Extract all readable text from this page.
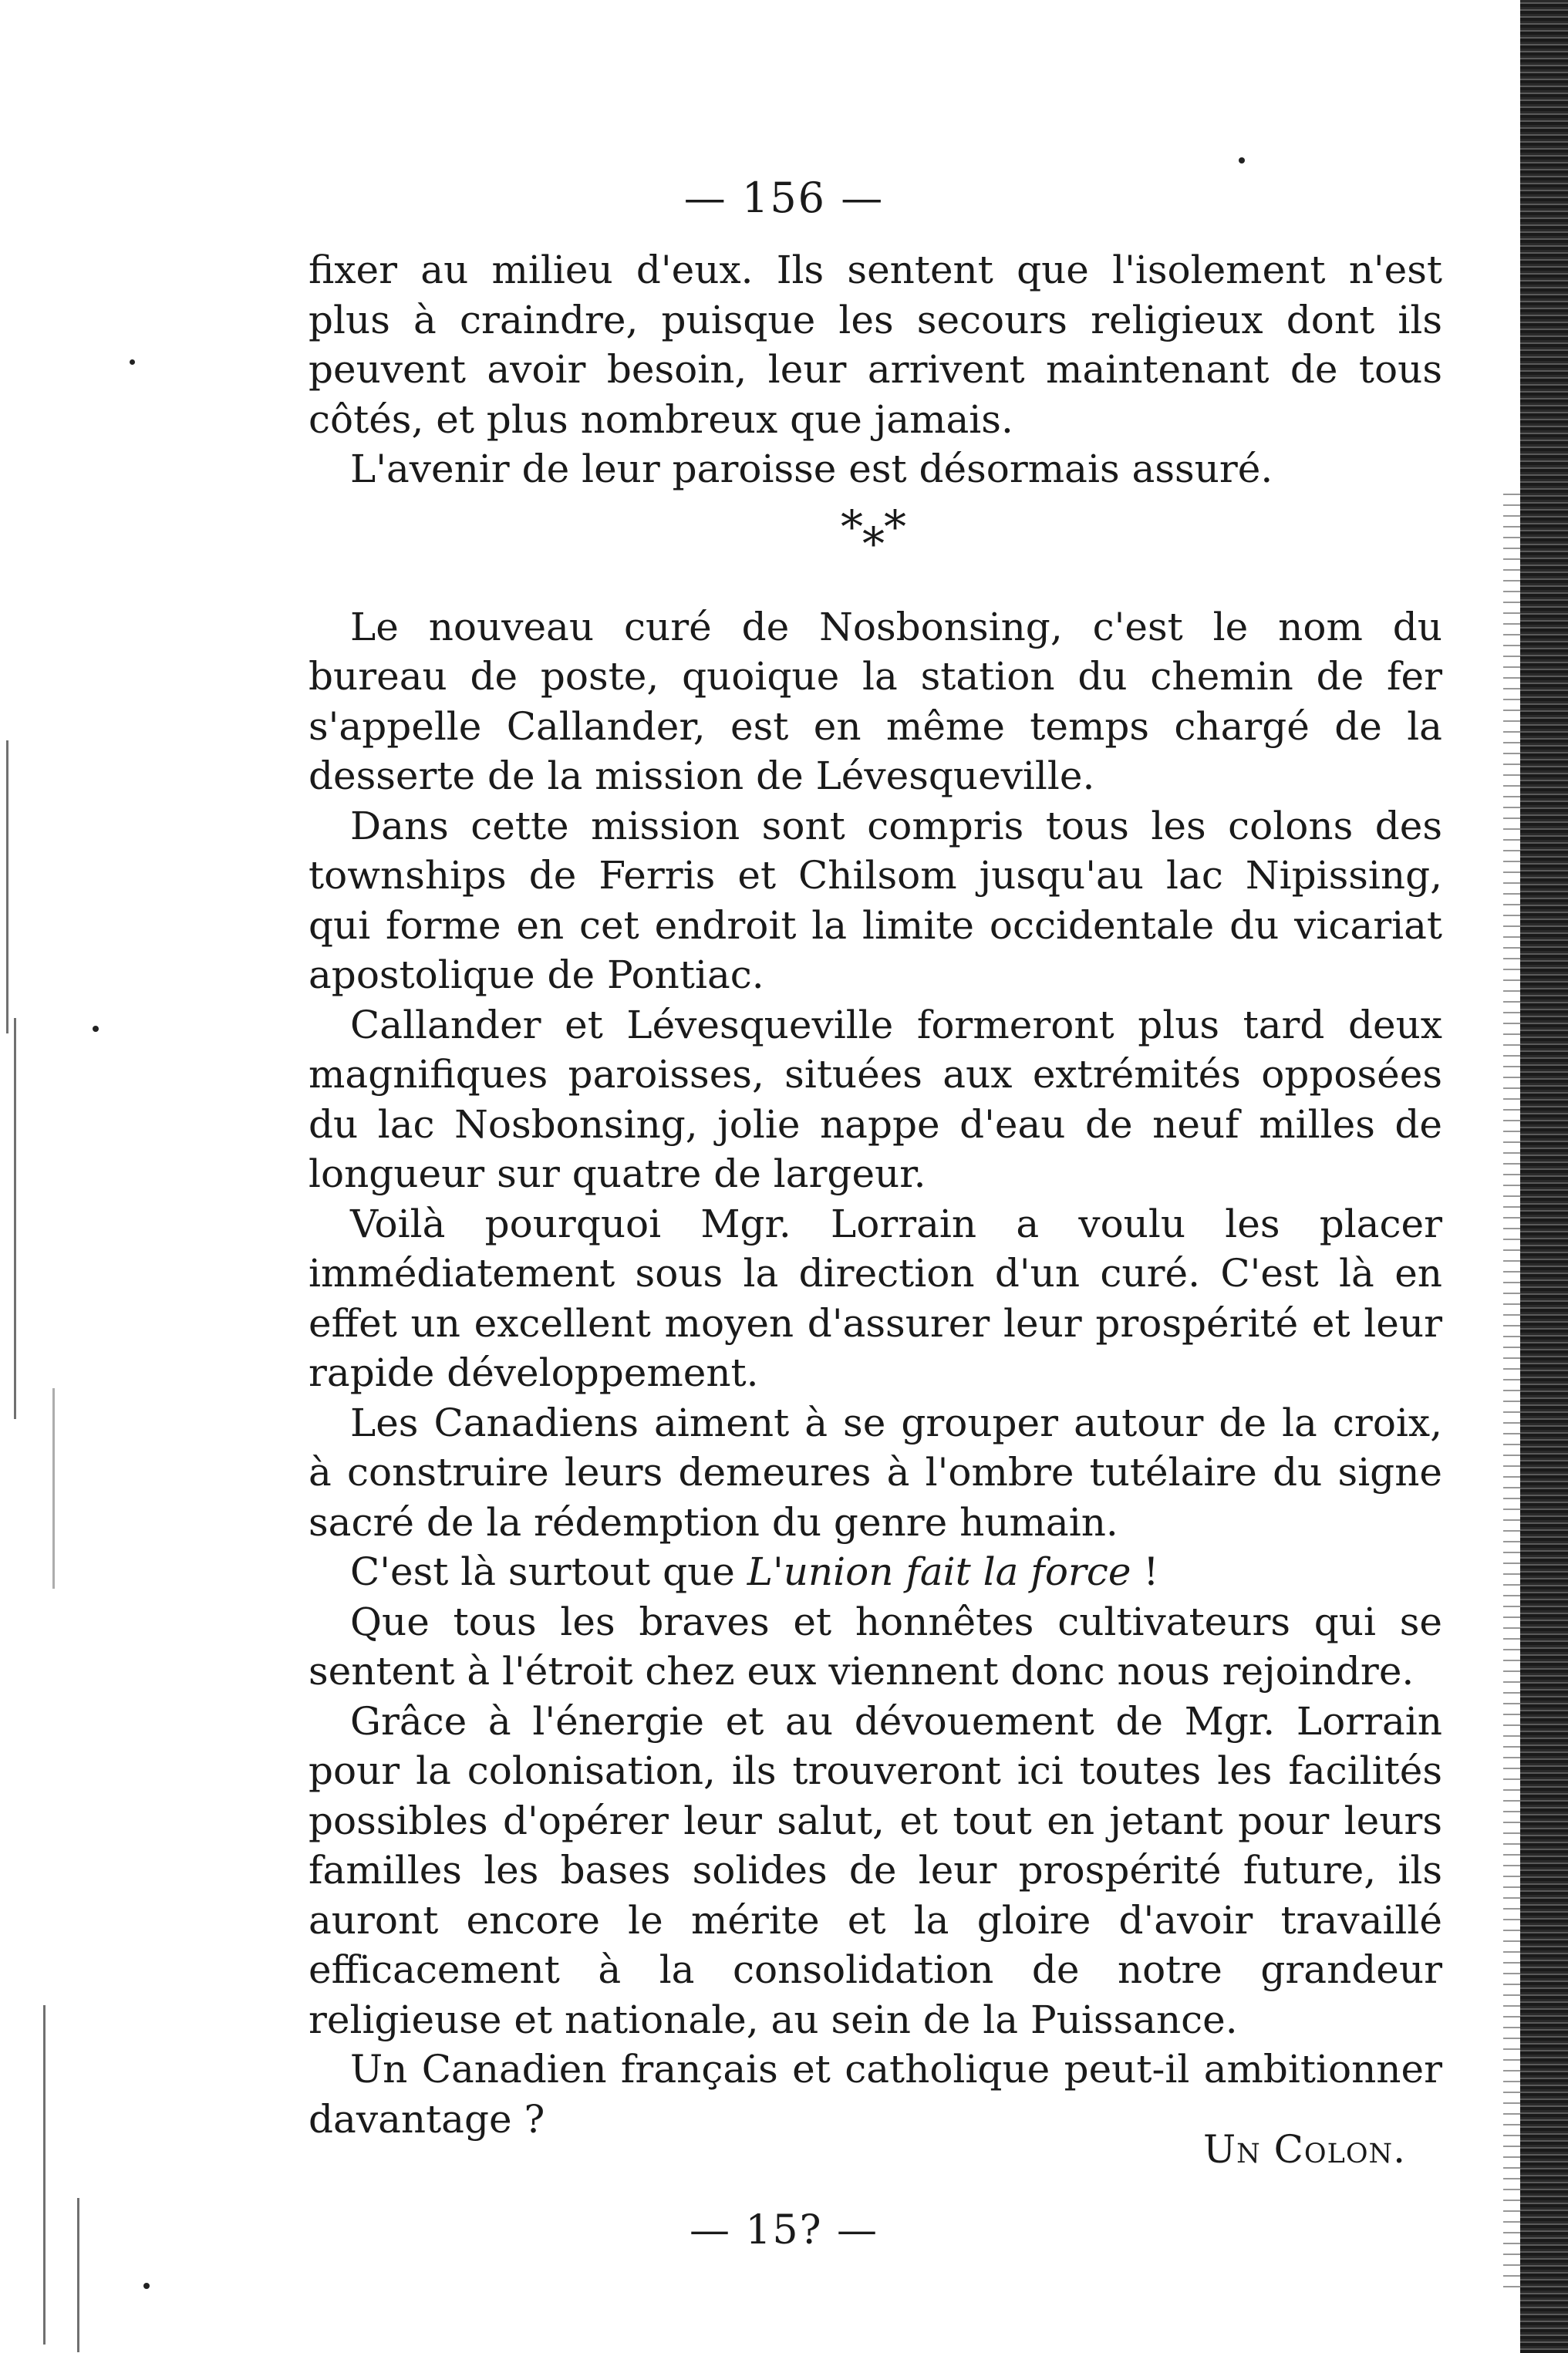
— 156 —

fixer au milieu d'eux. Ils sentent que l'isolement n'est plus à craindre, puisque les secours religieux dont ils peuvent avoir besoin, leur arrivent maintenant de tous côtés, et plus nombreux que jamais.

L'avenir de leur paroisse est désormais assuré.

* * *

Le nouveau curé de Nosbonsing, c'est le nom du bureau de poste, quoique la station du chemin de fer s'appelle Callander, est en même temps chargé de la desserte de la mission de Lévesqueville.

Dans cette mission sont compris tous les colons des townships de Ferris et Chilsom jusqu'au lac Nipissing, qui forme en cet endroit la limite occidentale du vicariat apostolique de Pontiac.

Callander et Lévesqueville formeront plus tard deux magnifiques paroisses, situées aux extrémités opposées du lac Nosbonsing, jolie nappe d'eau de neuf milles de longueur sur quatre de largeur.

Voilà pourquoi Mgr. Lorrain a voulu les placer immédiatement sous la direction d'un curé. C'est là en effet un excellent moyen d'assurer leur prospérité et leur rapide développement.

Les Canadiens aiment à se grouper autour de la croix, à construire leurs demeures à l'ombre tutélaire du signe sacré de la rédemption du genre humain.

C'est là surtout que L'union fait la force !

Que tous les braves et honnêtes cultivateurs qui se sentent à l'étroit chez eux viennent donc nous rejoindre.

Grâce à l'énergie et au dévouement de Mgr. Lorrain pour la colonisation, ils trouveront ici toutes les facilités possibles d'opérer leur salut, et tout en jetant pour leurs familles les bases solides de leur prospérité future, ils auront encore le mérite et la gloire d'avoir travaillé efficacement à la consolidation de notre grandeur religieuse et nationale, au sein de la Puissance.

Un Canadien français et catholique peut-il ambitionner davantage ?

Un Colon.
— 15? —
